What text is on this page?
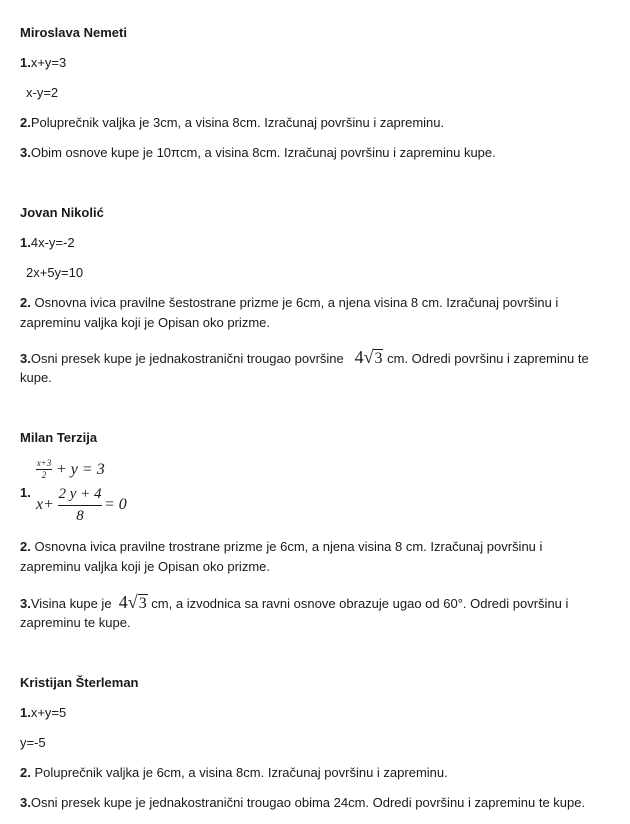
Miroslava Nemeti
1.x+y=3
x-y=2
2.Poluprečnik valjka je 3cm, a visina 8cm. Izračunaj površinu i zapreminu.
3.Obim osnove kupe je 10πcm, a visina 8cm. Izračunaj površinu i zapreminu kupe.
Jovan Nikolić
1.4x-y=-2
2x+5y=10
2. Osnovna ivica pravilne šestostrane prizme je 6cm, a njena visina 8 cm. Izračunaj površinu i
zapreminu valjka koji je Opisan oko prizme.
3.Osni presek kupe je jednakostranični trougao površine 4√3 cm. Odredi površinu i zapreminu te
kupe.
Milan Terzija
x+3
2 + y = 3
1.
x+
2 y + 4
8
= 0
2. Osnovna ivica pravilne trostrane prizme je 6cm, a njena visina 8 cm. Izračunaj površinu i
zapreminu valjka koji je Opisan oko prizme.
3.Visina kupe je 4√3 cm, a izvodnica sa ravni osnove obrazuje ugao od 60°. Odredi površinu i
zapreminu te kupe.
Kristijan Šterleman
1.x+y=5
y=-5
2. Poluprečnik valjka je 6cm, a visina 8cm. Izračunaj površinu i zapreminu.
3.Osni presek kupe je jednakostranični trougao obima 24cm. Odredi površinu i zapreminu te kupe.
